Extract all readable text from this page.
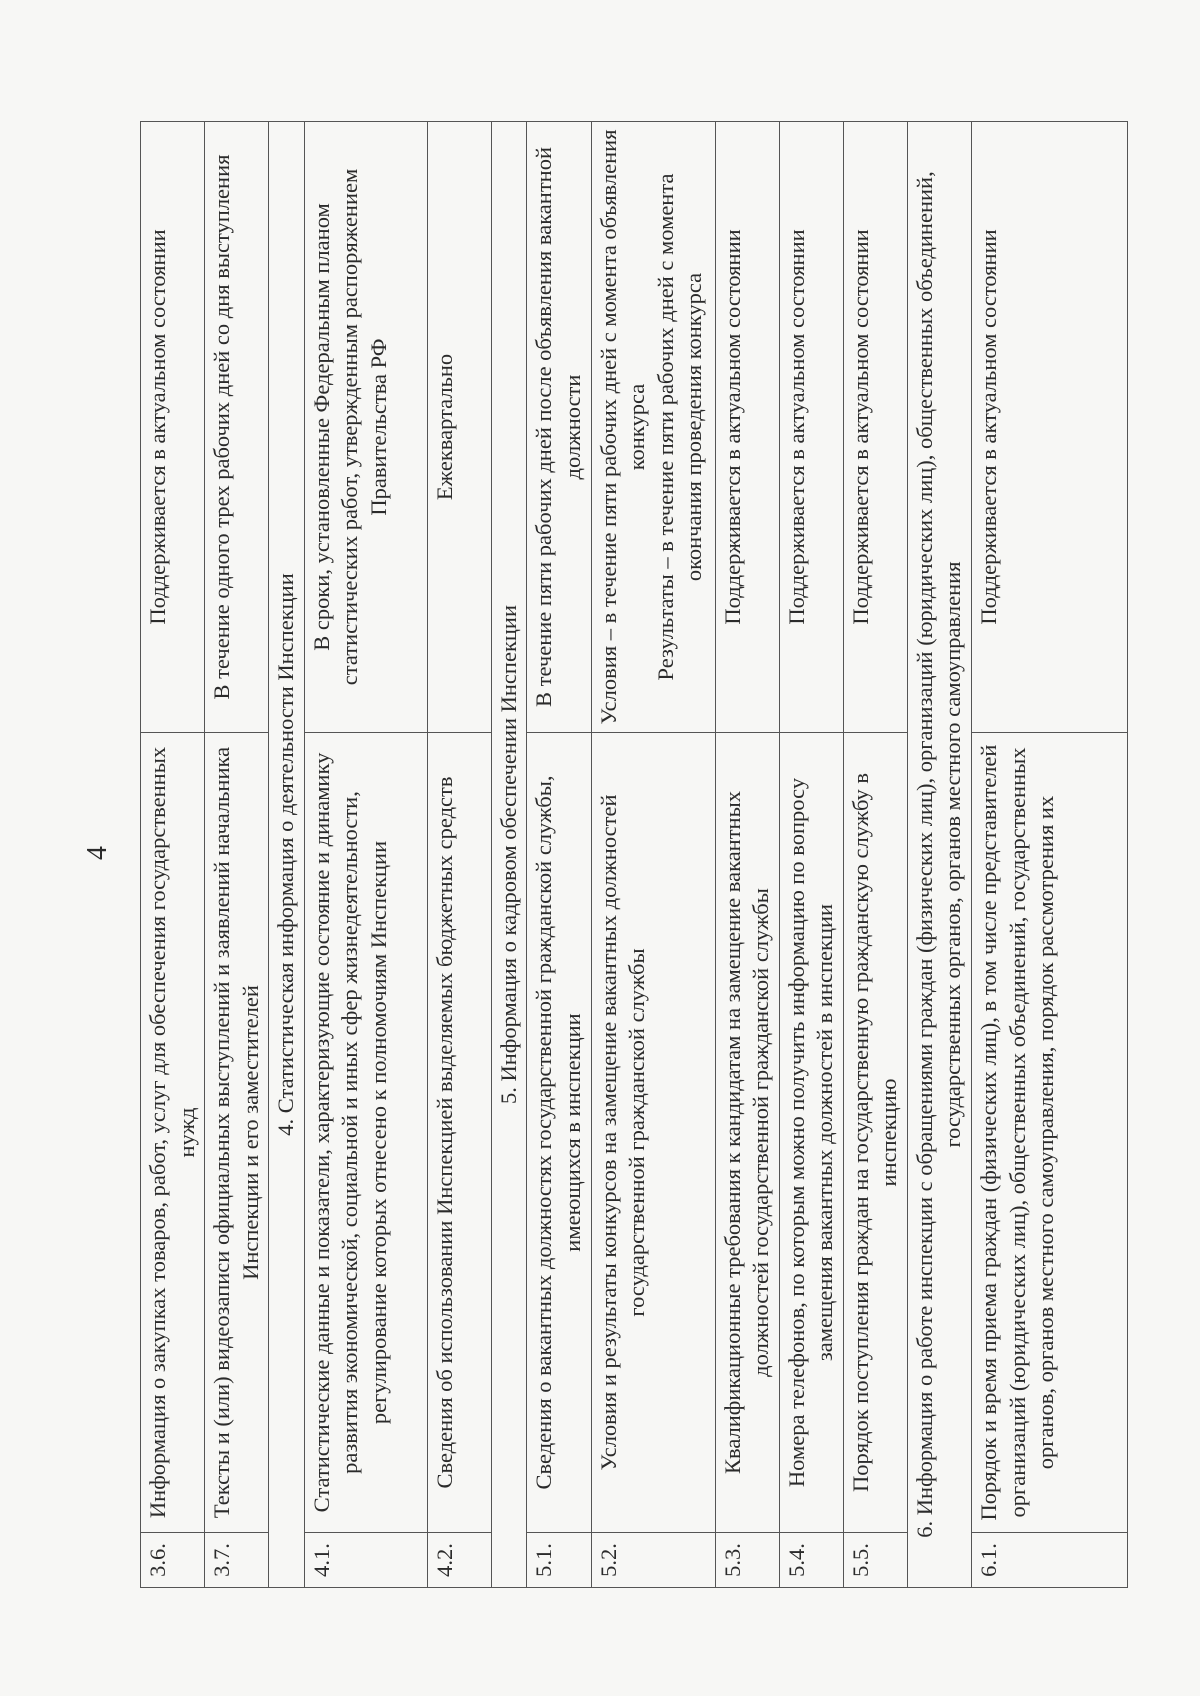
4
3.6.	Информация о закупках товаров, работ, услуг для обеспечения государственных нужд	Поддерживается в актуальном состоянии
3.7.	Тексты и (или) видеозаписи официальных выступлений и заявлений начальника Инспекции и его заместителей	В течение одного трех рабочих дней со дня выступления
4. Статистическая информация о деятельности Инспекции		
4.1.	Статистические данные и показатели, характеризующие состояние и динамику развития экономической, социальной и иных сфер жизнедеятельности, регулирование которых отнесено к полномочиям Инспекции	В сроки, установленные Федеральным планом статистических работ, утвержденным распоряжением Правительства РФ
4.2.	Сведения об использовании Инспекцией выделяемых бюджетных средств	Ежеквартально
5. Информация о кадровом обеспечении Инспекции		
5.1.	Сведения о вакантных должностях государственной гражданской службы, имеющихся в инспекции	В течение пяти рабочих дней после объявления вакантной должности
5.2.	Условия и результаты конкурсов на замещение вакантных должностей государственной гражданской службы	Условия – в течение пяти рабочих дней с момента объявления конкурса Результаты – в течение пяти рабочих дней с момента окончания проведения конкурса

5.3.	Квалификационные требования к кандидатам на замещение вакантных должностей государственной гражданской службы	Поддерживается в актуальном состоянии
5.4.	Номера телефонов, по которым можно получить информацию по вопросу замещения вакантных должностей в инспекции	Поддерживается в актуальном состоянии
5.5.	Порядок поступления граждан на государственную гражданскую службу в инспекцию	Поддерживается в актуальном состоянии
6. Информация о работе инспекции с обращениями граждан (физических лиц), организаций (юридических лиц), общественных объединений, государственных органов, органов местного самоуправления		
6.1.	Порядок и время приема граждан (физических лиц), в том числе представителей организаций (юридических лиц), общественных объединений, государственных органов, органов местного самоуправления, порядок рассмотрения их	Поддерживается в актуальном состоянии
